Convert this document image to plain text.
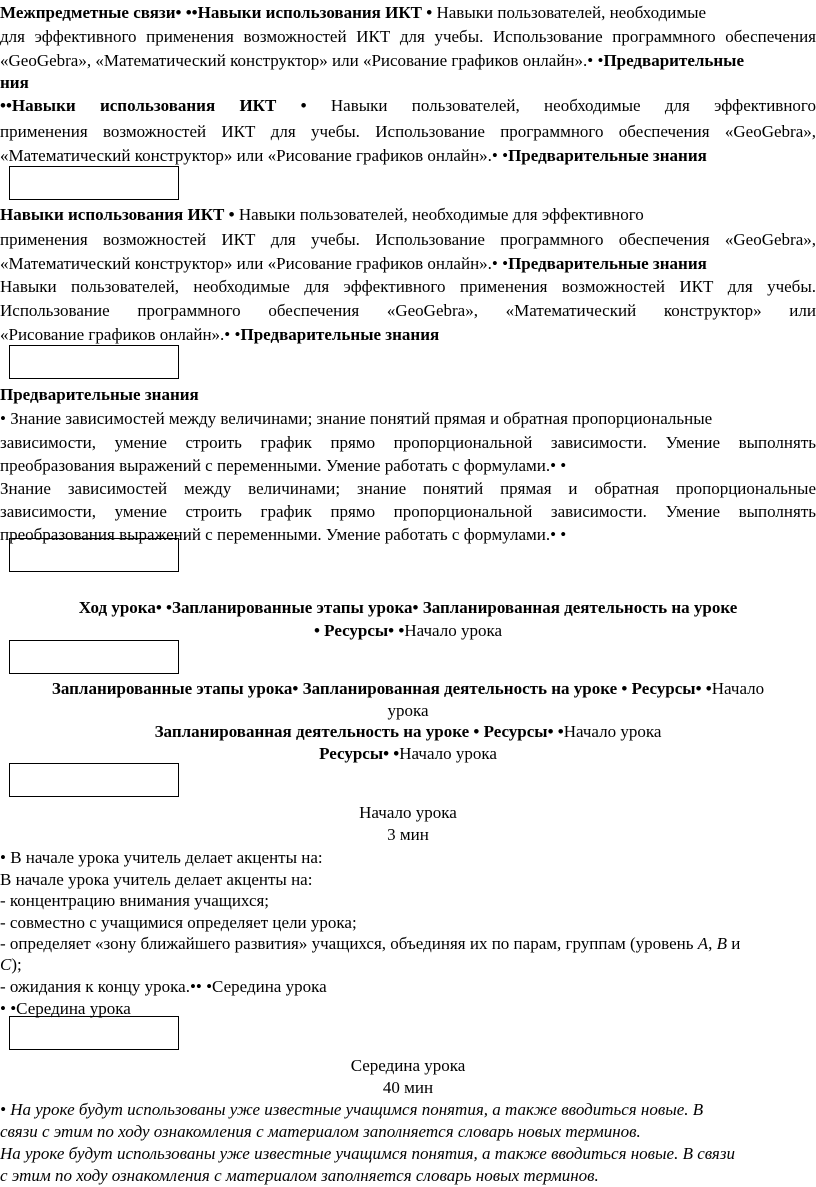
Межпредметные связи• ••Навыки использования ИКТ • Навыки пользователей, необходимые
для эффективного применения возможностей ИКТ для учебы. Использование программного обеспечения
«GeoGebra», «Математический конструктор» или «Рисование графиков онлайн».• •Предварительные
ния
••Навыки использования ИКТ • Навыки пользователей, необходимые для эффективного
применения возможностей ИКТ для учебы. Использование программного обеспечения «GeoGebra»,
«Математический конструктор» или «Рисование графиков онлайн».• •Предварительные знания
Навыки использования ИКТ • Навыки пользователей, необходимые для эффективного
применения возможностей ИКТ для учебы. Использование программного обеспечения «GeoGebra»,
«Математический конструктор» или «Рисование графиков онлайн».• •Предварительные знания
Навыки пользователей, необходимые для эффективного применения возможностей ИКТ для учебы.
Использование программного обеспечения «GeoGebra», «Математический конструктор» или
«Рисование графиков онлайн».• •Предварительные знания
Предварительные знания
• Знание зависимостей между величинами; знание понятий прямая и обратная пропорциональные
зависимости, умение строить график прямо пропорциональной зависимости. Умение выполнять
преобразования выражений с переменными. Умение работать с формулами.• •
Знание зависимостей между величинами; знание понятий прямая и обратная пропорциональные
зависимости, умение строить график прямо пропорциональной зависимости. Умение выполнять
преобразования выражений с переменными. Умение работать с формулами.• •
Ход урока• •Запланированные этапы урока• Запланированная деятельность на уроке
• Ресурсы• •Начало урока
Запланированные этапы урока• Запланированная деятельность на уроке • Ресурсы• •Начало
урока
Запланированная деятельность на уроке • Ресурсы• •Начало урока
Ресурсы• •Начало урока
Начало урока
3 мин
• В начале урока учитель делает акценты на:
В начале урока учитель делает акценты на:
- концентрацию внимания учащихся;
- совместно с учащимися определяет цели урока;
- определяет «зону ближайшего развития» учащихся, объединяя их по парам, группам (уровень A, B и
C);
- ожидания к концу урока.•• •Середина урока
• •Середина урока
Середина урока
40 мин
• На уроке будут использованы уже известные учащимся понятия, а также вводиться новые. В
связи с этим по ходу ознакомления с материалом заполняется словарь новых терминов.
На уроке будут использованы уже известные учащимся понятия, а также вводиться новые. В связи
с этим по ходу ознакомления с материалом заполняется словарь новых терминов.
